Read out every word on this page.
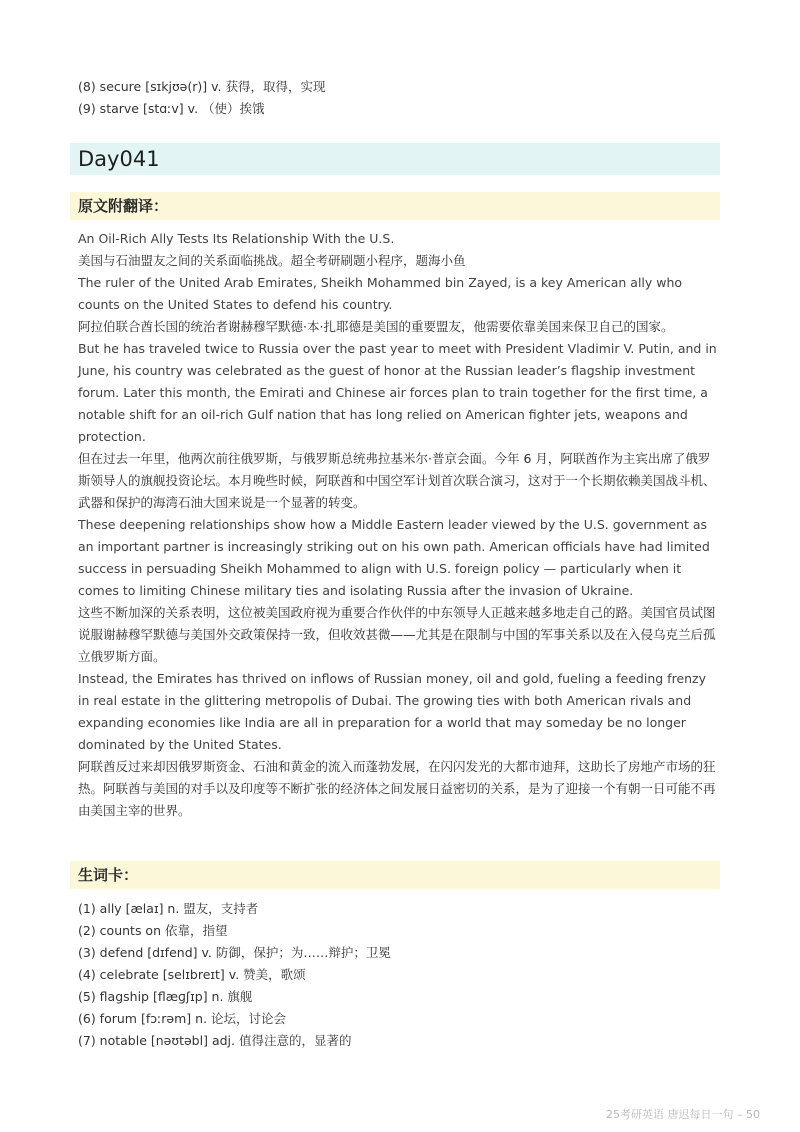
(8) secure [sɪkjʊə(r)] v. 获得，取得，实现
(9) starve [stɑːv] v. （使）挨饿
Day041
原文附翻译：
An Oil-Rich Ally Tests Its Relationship With the U.S.
美国与石油盟友之间的关系面临挑战。超全考研刷题小程序，题海小鱼
The ruler of the United Arab Emirates, Sheikh Mohammed bin Zayed, is a key American ally who counts on the United States to defend his country.
阿拉伯联合酋长国的统治者谢赫穆罕默德·本·扎耶德是美国的重要盟友，他需要依靠美国来保卫自己的国家。
But he has traveled twice to Russia over the past year to meet with President Vladimir V. Putin, and in June, his country was celebrated as the guest of honor at the Russian leader’s flagship investment forum. Later this month, the Emirati and Chinese air forces plan to train together for the first time, a notable shift for an oil-rich Gulf nation that has long relied on American fighter jets, weapons and protection.
但在过去一年里，他两次前往俄罗斯，与俄罗斯总统弗拉基米尔·普京会面。今年 6 月，阿联酋作为主宾出席了俄罗斯领导人的旗舰投资论坛。本月晚些时候，阿联酋和中国空军计划首次联合演习，这对于一个长期依赖美国战斗机、武器和保护的海湾石油大国来说是一个显著的转变。
These deepening relationships show how a Middle Eastern leader viewed by the U.S. government as an important partner is increasingly striking out on his own path. American officials have had limited success in persuading Sheikh Mohammed to align with U.S. foreign policy — particularly when it comes to limiting Chinese military ties and isolating Russia after the invasion of Ukraine.
这些不断加深的关系表明，这位被美国政府视为重要合作伙伴的中东领导人正越来越多地走自己的路。美国官员试图说服谢赫穆罕默德与美国外交政策保持一致，但收效甚微——尤其是在限制与中国的军事关系以及在入侵乌克兰后孤立俄罗斯方面。
Instead, the Emirates has thrived on inflows of Russian money, oil and gold, fueling a feeding frenzy in real estate in the glittering metropolis of Dubai. The growing ties with both American rivals and expanding economies like India are all in preparation for a world that may someday be no longer dominated by the United States.
阿联酋反过来却因俄罗斯资金、石油和黄金的流入而蓬勃发展，在闪闪发光的大都市迪拜，这助长了房地产市场的狂热。阿联酋与美国的对手以及印度等不断扩张的经济体之间发展日益密切的关系，是为了迎接一个有朝一日可能不再由美国主宰的世界。
生词卡：
(1) ally [ælaɪ] n. 盟友，支持者
(2) counts on 依靠，指望
(3) defend [dɪfend] v. 防御，保护；为……辩护；卫冕
(4) celebrate [selɪbreɪt] v. 赞美，歌颂
(5) flagship [flæɡʃɪp] n. 旗舰
(6) forum [fɔːrəm] n. 论坛，讨论会
(7) notable [nəʊtəbl] adj. 值得注意的，显著的
25考研英语 唐迟每日一句 – 50
